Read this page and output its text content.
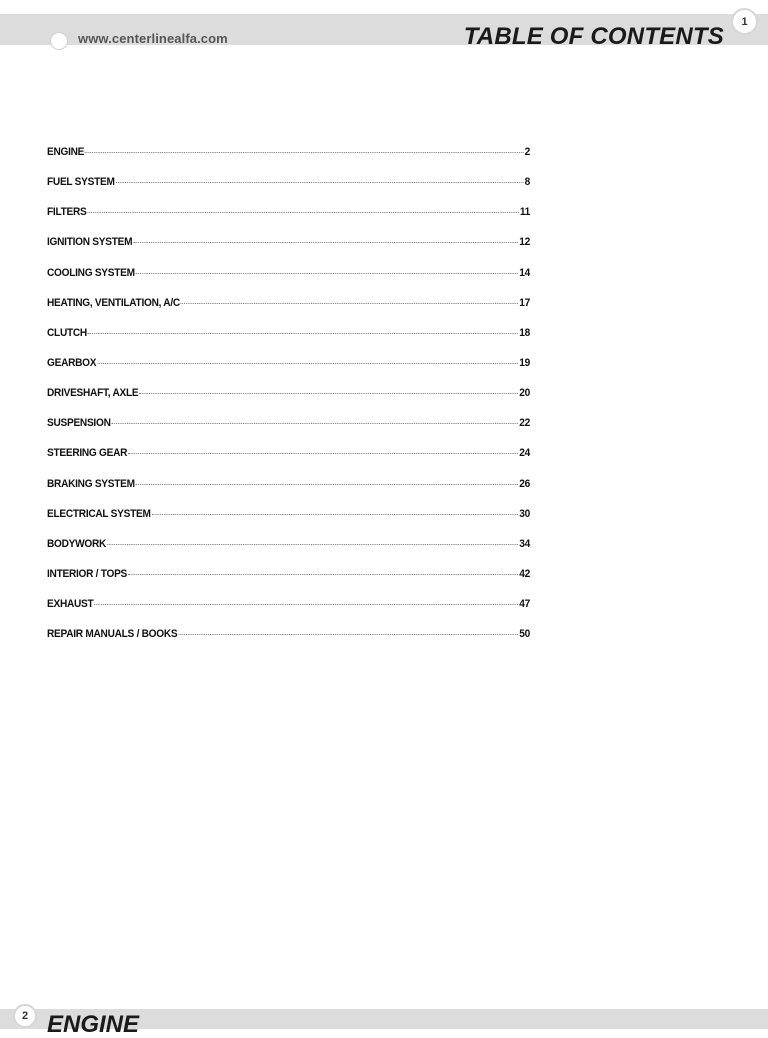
www.centerlinealfa.com	TABLE OF CONTENTS
1
ENGINE	2
FUEL SYSTEM	8
FILTERS	11
IGNITION SYSTEM	12
COOLING SYSTEM	14
HEATING, VENTILATION, A/C	17
CLUTCH	18
GEARBOX	19
DRIVESHAFT, AXLE	20
SUSPENSION	22
STEERING GEAR	24
BRAKING SYSTEM	26
ELECTRICAL SYSTEM	30
BODYWORK	34
INTERIOR / TOPS	42
EXHAUST	47
REPAIR MANUALS / BOOKS	50
2 ENGINE
